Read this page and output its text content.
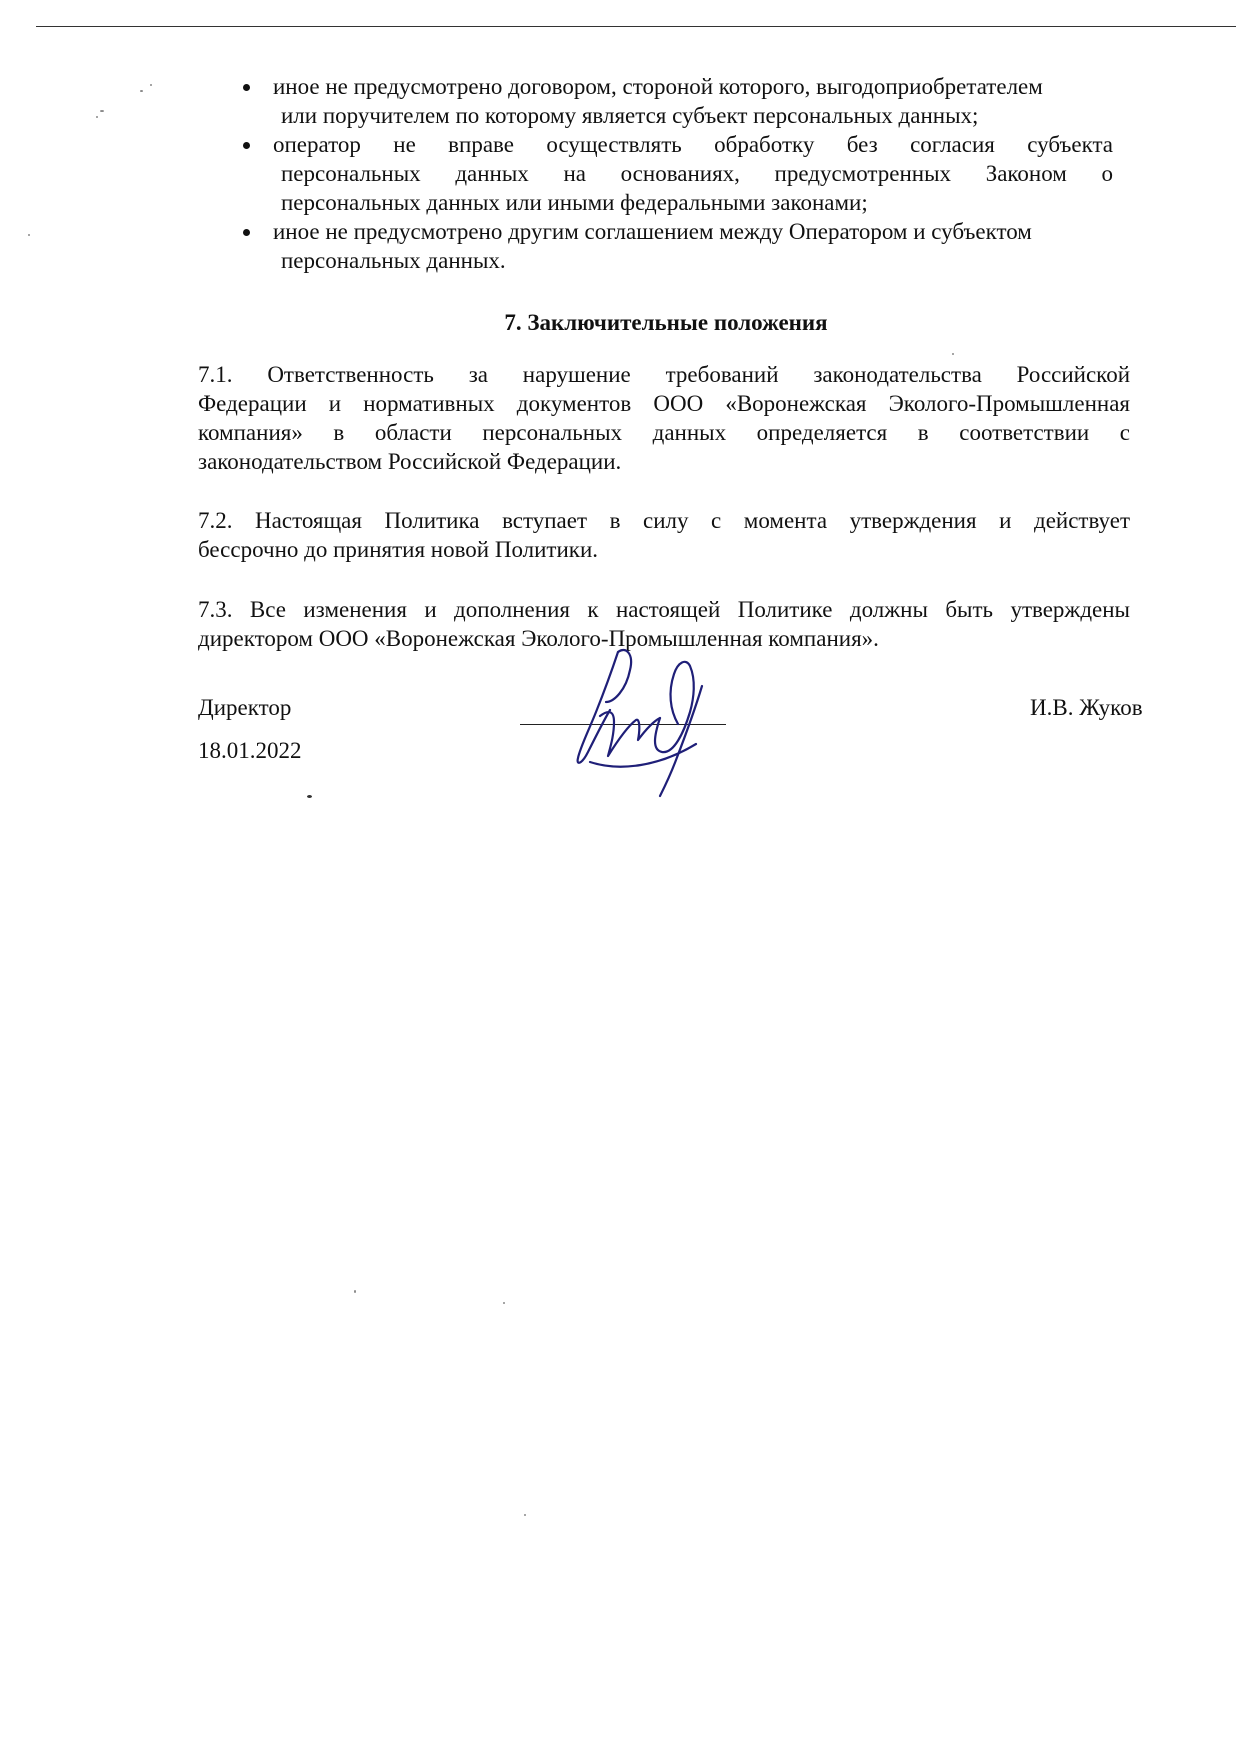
иное не предусмотрено договором, стороной которого, выгодоприобретателем
или поручителем по которому является субъект персональных данных;
оператор не вправе осуществлять обработку без согласия субъекта
персональных данных на основаниях, предусмотренных Законом о
персональных данных или иными федеральными законами;
иное не предусмотрено другим соглашением между Оператором и субъектом
персональных данных.
7. Заключительные положения

7.1. Ответственность за нарушение требований законодательства Российской
Федерации и нормативных документов ООО «Воронежская Эколого-Промышленная
компания» в области персональных данных определяется в соответствии с
законодательством Российской Федерации.

7.2. Настоящая Политика вступает в силу с момента утверждения и действует
бессрочно до принятия новой Политики.

7.3. Все изменения и дополнения к настоящей Политике должны быть утверждены
директором ООО «Воронежская Эколого-Промышленная компания».

Директор

18.01.2022

И.В. Жуков
